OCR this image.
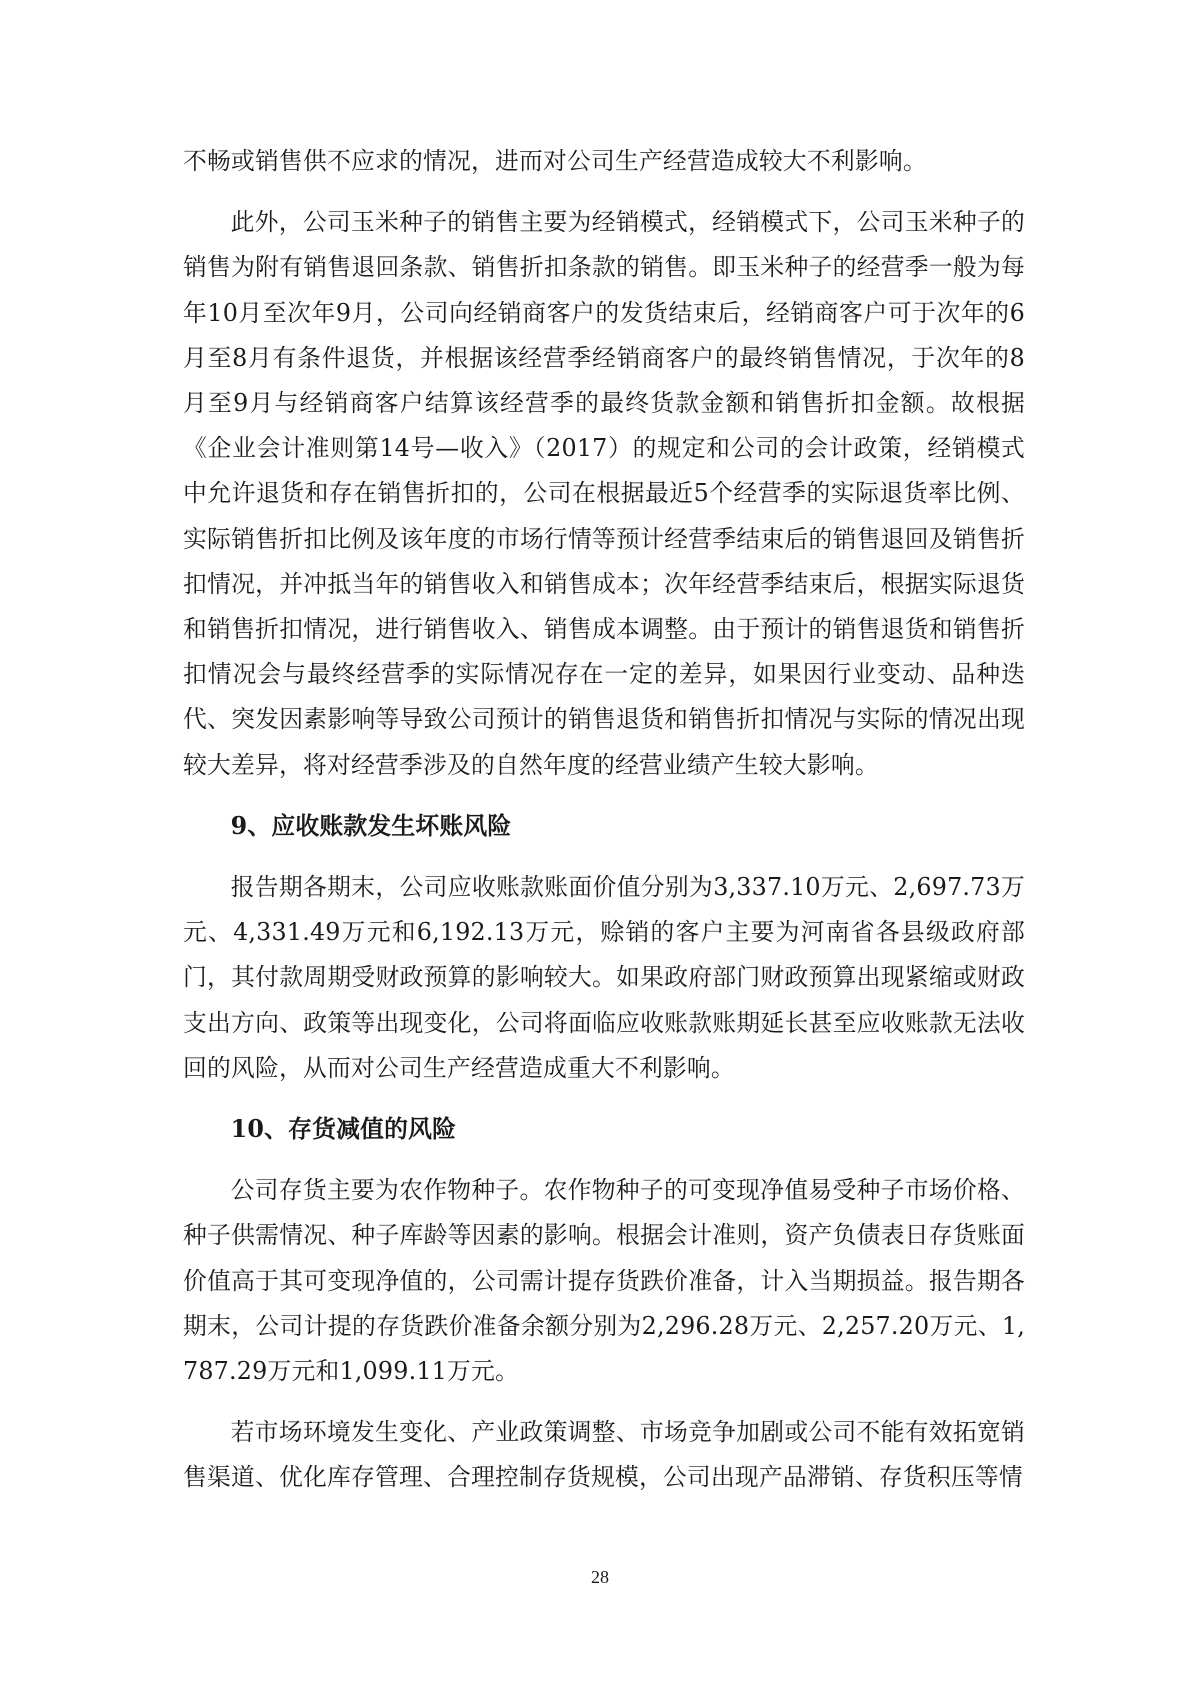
不畅或销售供不应求的情况，进而对公司生产经营造成较大不利影响。

此外，公司玉米种子的销售主要为经销模式，经销模式下，公司玉米种子的销售为附有销售退回条款、销售折扣条款的销售。即玉米种子的经营季一般为每年10月至次年9月，公司向经销商客户的发货结束后，经销商客户可于次年的6月至8月有条件退货，并根据该经营季经销商客户的最终销售情况，于次年的8月至9月与经销商客户结算该经营季的最终货款金额和销售折扣金额。故根据《企业会计准则第14号—收入》（2017）的规定和公司的会计政策，经销模式中允许退货和存在销售折扣的，公司在根据最近5个经营季的实际退货率比例、实际销售折扣比例及该年度的市场行情等预计经营季结束后的销售退回及销售折扣情况，并冲抵当年的销售收入和销售成本；次年经营季结束后，根据实际退货和销售折扣情况，进行销售收入、销售成本调整。由于预计的销售退货和销售折扣情况会与最终经营季的实际情况存在一定的差异，如果因行业变动、品种迭代、突发因素影响等导致公司预计的销售退货和销售折扣情况与实际的情况出现较大差异，将对经营季涉及的自然年度的经营业绩产生较大影响。

9、应收账款发生坏账风险

报告期各期末，公司应收账款账面价值分别为3,337.10万元、2,697.73万元、4,331.49万元和6,192.13万元，赊销的客户主要为河南省各县级政府部门，其付款周期受财政预算的影响较大。如果政府部门财政预算出现紧缩或财政支出方向、政策等出现变化，公司将面临应收账款账期延长甚至应收账款无法收回的风险，从而对公司生产经营造成重大不利影响。

10、存货减值的风险

公司存货主要为农作物种子。农作物种子的可变现净值易受种子市场价格、种子供需情况、种子库龄等因素的影响。根据会计准则，资产负债表日存货账面价值高于其可变现净值的，公司需计提存货跌价准备，计入当期损益。报告期各期末，公司计提的存货跌价准备余额分别为2,296.28万元、2,257.20万元、1,787.29万元和1,099.11万元。

若市场环境发生变化、产业政策调整、市场竞争加剧或公司不能有效拓宽销售渠道、优化库存管理、合理控制存货规模，公司出现产品滞销、存货积压等情

28
